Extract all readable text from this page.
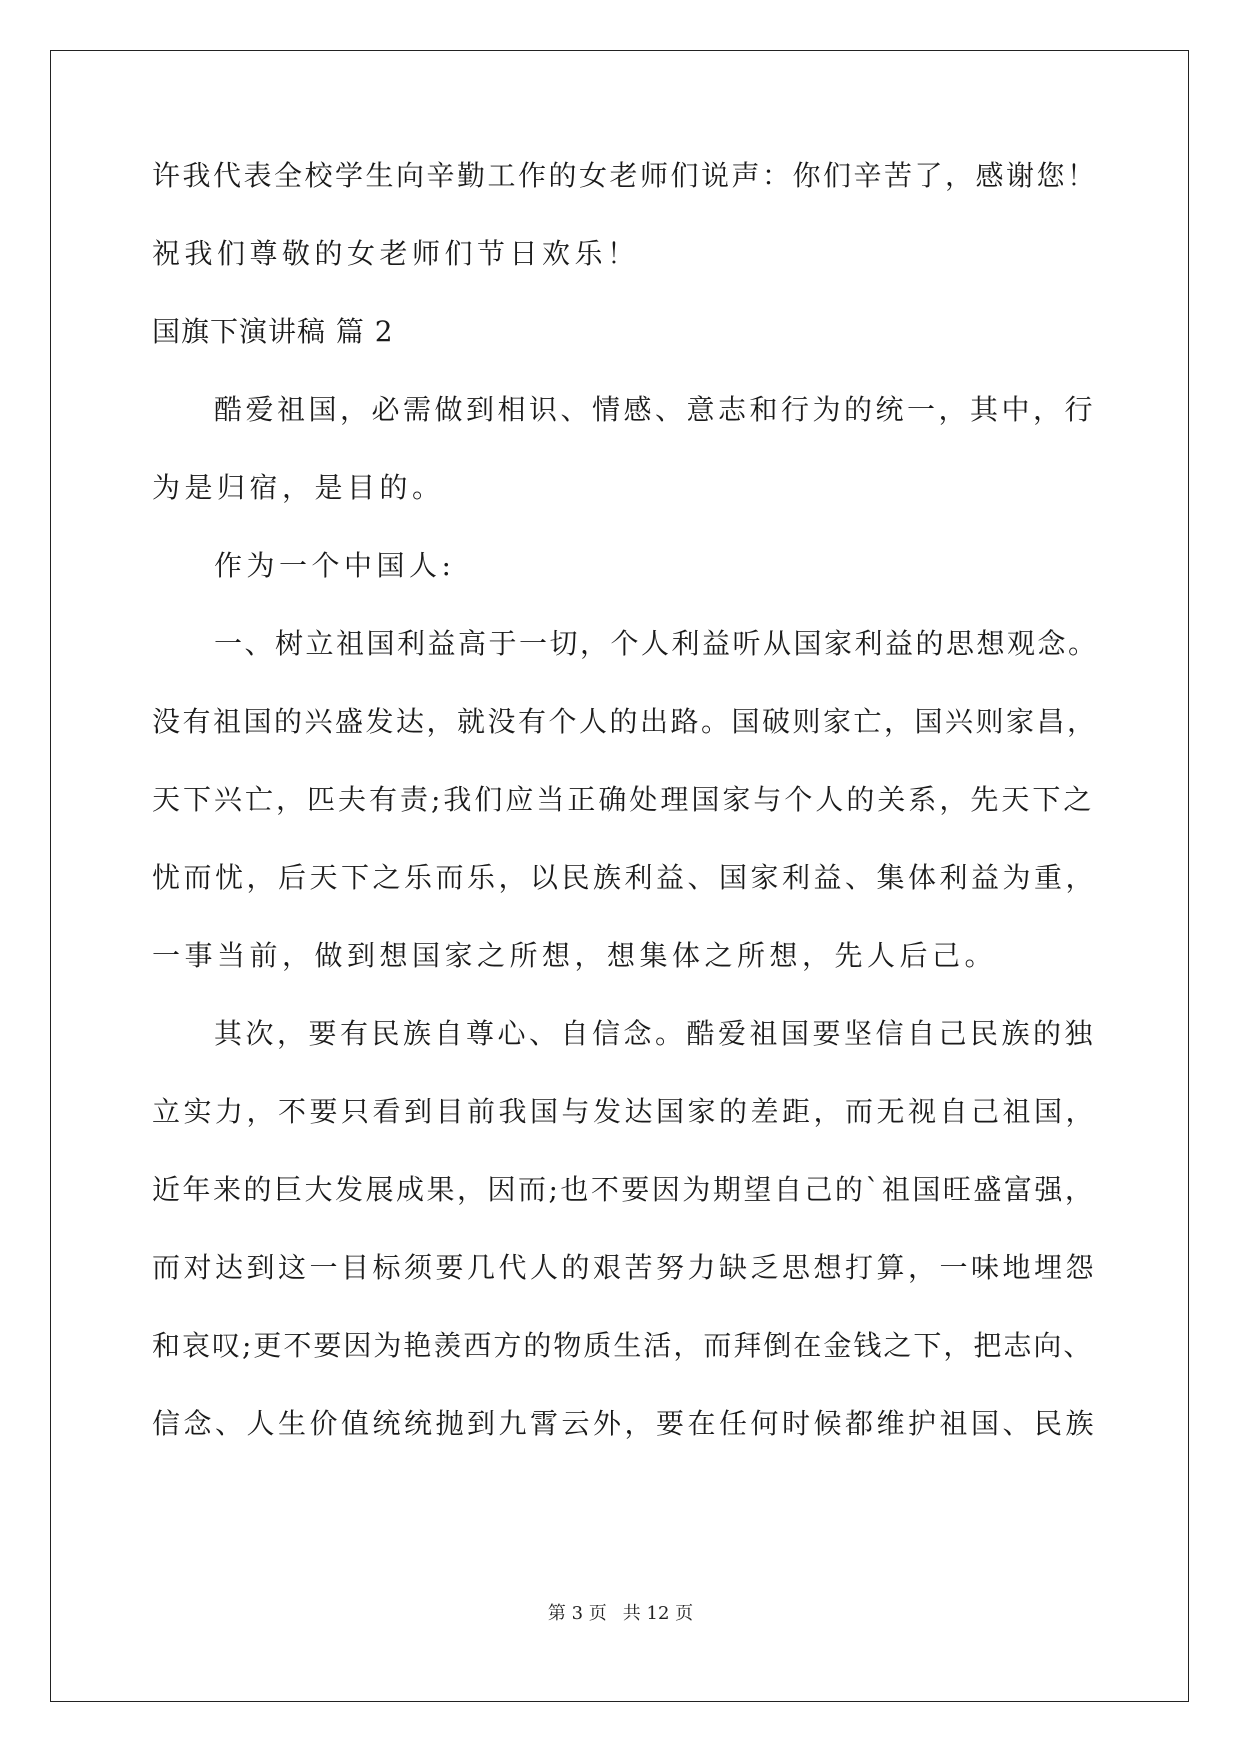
许我代表全校学生向辛勤工作的女老师们说声：你们辛苦了，感谢您！
祝我们尊敬的女老师们节日欢乐！
国旗下演讲稿 篇 2
酷爱祖国，必需做到相识、情感、意志和行为的统一，其中，行
为是归宿，是目的。
作为一个中国人:
一、树立祖国利益高于一切，个人利益听从国家利益的思想观念。
没有祖国的兴盛发达，就没有个人的出路。国破则家亡，国兴则家昌，
天下兴亡，匹夫有责;我们应当正确处理国家与个人的关系，先天下之
忧而忧，后天下之乐而乐，以民族利益、国家利益、集体利益为重，
一事当前，做到想国家之所想，想集体之所想，先人后己。
其次，要有民族自尊心、自信念。酷爱祖国要坚信自己民族的独
立实力，不要只看到目前我国与发达国家的差距，而无视自己祖国，
近年来的巨大发展成果，因而;也不要因为期望自己的`祖国旺盛富强，
而对达到这一目标须要几代人的艰苦努力缺乏思想打算，一味地埋怨
和哀叹;更不要因为艳羡西方的物质生活，而拜倒在金钱之下，把志向、
信念、人生价值统统抛到九霄云外，要在任何时候都维护祖国、民族
第 3 页 共 12 页
